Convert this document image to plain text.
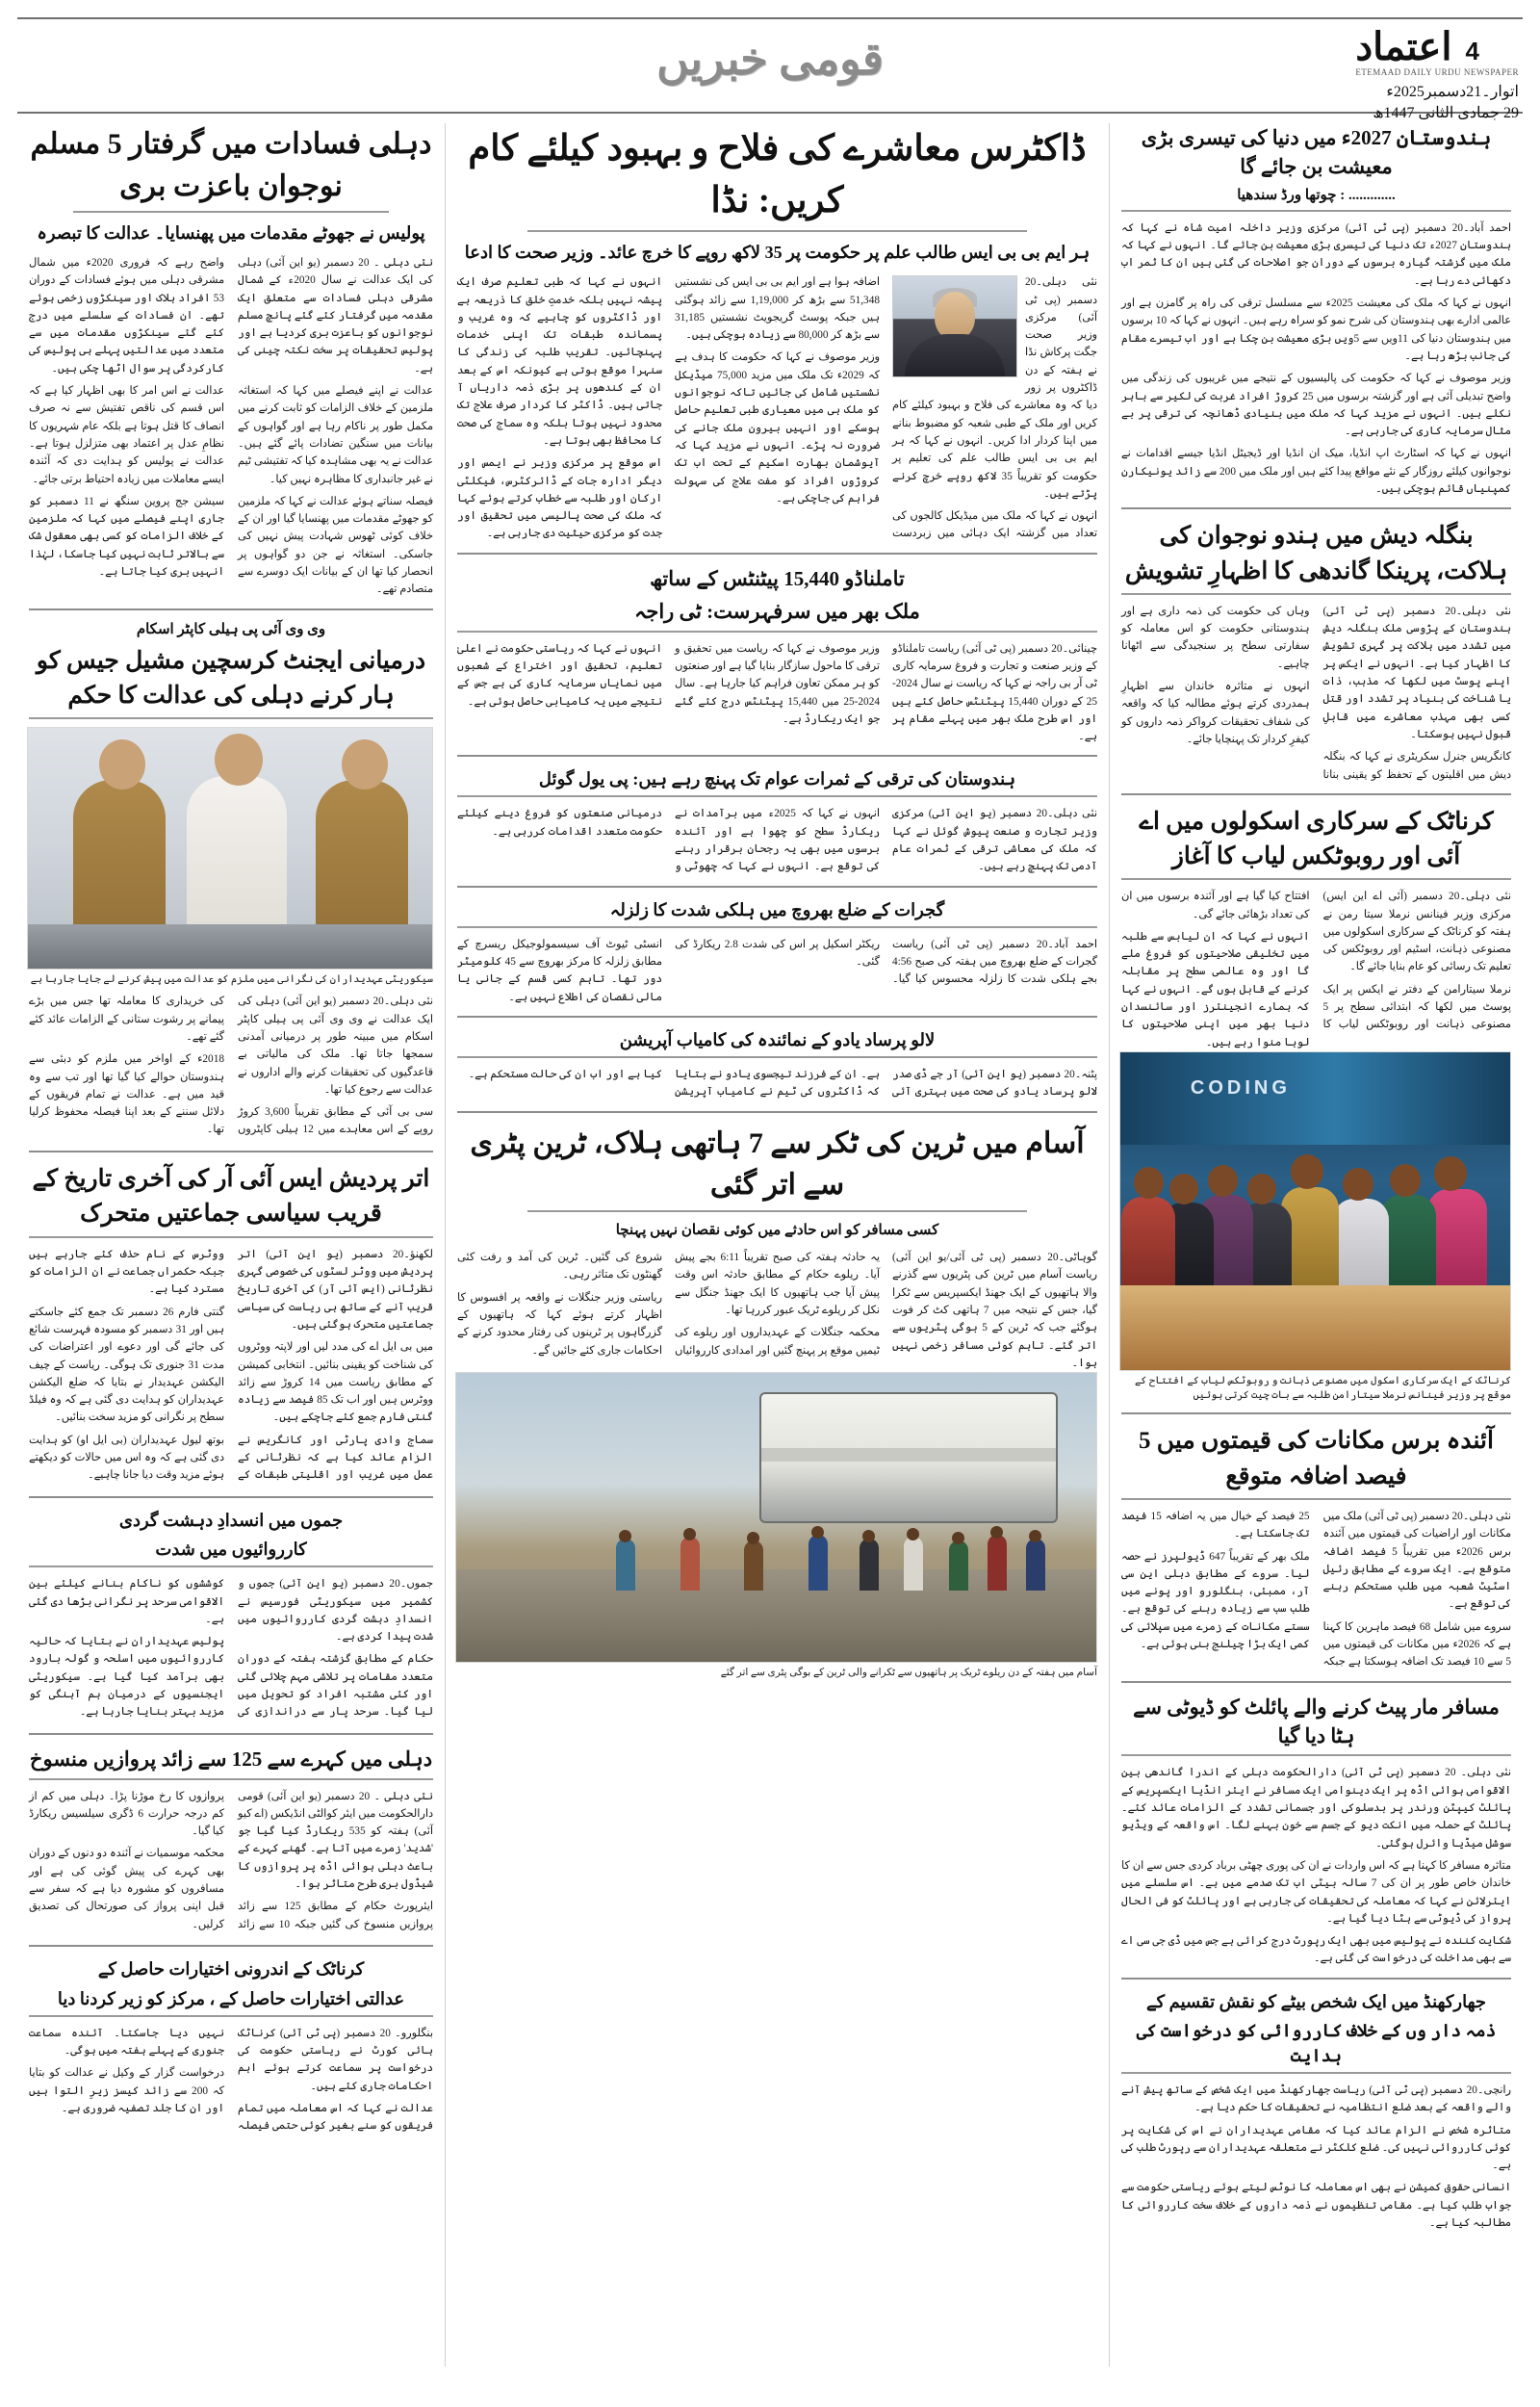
اعتماد 4
ETEMAAD DAILY URDU NEWSPAPER
اتوار۔21دسمبر2025ء
29 جمادی الثانی 1447ھ
قومی خبریں
ہندوستان 2027ء میں دنیا کی تیسری بڑی معیشت بن جائے گا
............. : چوتھا ورڈ سندھیا

احمد آباد۔20 دسمبر (پی ٹی آئی) مرکزی وزیر داخلہ امیت شاہ نے کہا کہ ہندوستان 2027ء تک دنیا کی تیسری بڑی معیشت بن جائے گا۔ انہوں نے کہا کہ ملک میں گزشتہ گیارہ برسوں کے دوران جو اصلاحات کی گئی ہیں ان کا ثمر اب دکھائی دے رہا ہے۔

انہوں نے کہا کہ ملک کی معیشت 2025ء سے مسلسل ترقی کی راہ پر گامزن ہے اور عالمی ادارے بھی ہندوستان کی شرح نمو کو سراہ رہے ہیں۔ انہوں نے کہا کہ 10 برسوں میں ہندوستان دنیا کی 11ویں سے 5ویں بڑی معیشت بن چکا ہے اور اب تیسرے مقام کی جانب بڑھ رہا ہے۔

وزیر موصوف نے کہا کہ حکومت کی پالیسیوں کے نتیجے میں غریبوں کی زندگی میں واضح تبدیلی آئی ہے اور گزشتہ برسوں میں 25 کروڑ افراد غربت کی لکیر سے باہر نکلے ہیں۔ انہوں نے مزید کہا کہ ملک میں بنیادی ڈھانچہ کی ترقی پر بے مثال سرمایہ کاری کی جارہی ہے۔

انہوں نے کہا کہ اسٹارٹ اپ انڈیا، میک ان انڈیا اور ڈیجیٹل انڈیا جیسے اقدامات نے نوجوانوں کیلئے روزگار کے نئے مواقع پیدا کئے ہیں اور ملک میں 200 سے زائد یونیکارن کمپنیاں قائم ہوچکی ہیں۔

بنگلہ دیش میں ہندو نوجوان کی ہلاکت، پرینکا گاندھی کا اظہارِ تشویش

نئی دہلی۔20 دسمبر (پی ٹی آئی) ہندوستان کے پڑوسی ملک بنگلہ دیش میں تشدد میں ہلاکت پر گہری تشویش کا اظہار کیا ہے۔ انہوں نے ایکس پر اپنے پوسٹ میں لکھا کہ مذہب، ذات یا شناخت کی بنیاد پر تشدد اور قتل کسی بھی مہذب معاشرے میں قابلِ قبول نہیں ہوسکتا۔

کانگریس جنرل سکریٹری نے کہا کہ بنگلہ دیش میں اقلیتوں کے تحفظ کو یقینی بنانا وہاں کی حکومت کی ذمہ داری ہے اور ہندوستانی حکومت کو اس معاملہ کو سفارتی سطح پر سنجیدگی سے اٹھانا چاہیے۔

انہوں نے متاثرہ خاندان سے اظہارِ ہمدردی کرتے ہوئے مطالبہ کیا کہ واقعہ کی شفاف تحقیقات کرواکر ذمہ داروں کو کیفرِ کردار تک پہنچایا جائے۔

کرناٹک کے سرکاری اسکولوں میں اے آئی اور روبوٹکس لیاب کا آغاز

نئی دہلی۔20 دسمبر (آئی اے این ایس) مرکزی وزیر فینانس نرملا سیتا رمن نے ہفتہ کو کرناٹک کے سرکاری اسکولوں میں مصنوعی ذہانت، اسٹیم اور روبوٹکس کی تعلیم تک رسائی کو عام بنایا جائے گا۔

نرملا سیتارامن کے دفتر نے ایکس پر ایک پوسٹ میں لکھا کہ ابتدائی سطح پر 5 مصنوعی ذہانت اور روبوٹکس لیاب کا افتتاح کیا گیا ہے اور آئندہ برسوں میں ان کی تعداد بڑھائی جائے گی۔

انہوں نے کہا کہ ان لیابس سے طلبہ میں تخلیقی صلاحیتوں کو فروغ ملے گا اور وہ عالمی سطح پر مقابلہ کرنے کے قابل ہوں گے۔ انہوں نے کہا کہ ہمارے انجینئرز اور سائنسدان دنیا بھر میں اپنی صلاحیتوں کا لوہا منوا رہے ہیں۔

CODING
کرناٹک کے ایک سرکاری اسکول میں مصنوعی ذہانت و روبوٹکس لیاب کے افتتاح کے موقع پر وزیر فینانس نرملا سیتارامن طلبہ سے بات چیت کرتی ہوئیں
آئندہ برس مکانات کی قیمتوں میں 5 فیصد اضافہ متوقع

نئی دہلی۔20 دسمبر (پی ٹی آئی) ملک میں مکانات اور اراضیات کی قیمتوں میں آئندہ برس 2026ء میں تقریباً 5 فیصد اضافہ متوقع ہے۔ ایک سروے کے مطابق رئیل اسٹیٹ شعبہ میں طلب مستحکم رہنے کی توقع ہے۔

سروے میں شامل 68 فیصد ماہرین کا کہنا ہے کہ 2026ء میں مکانات کی قیمتوں میں 5 سے 10 فیصد تک اضافہ ہوسکتا ہے جبکہ 25 فیصد کے خیال میں یہ اضافہ 15 فیصد تک جاسکتا ہے۔

ملک بھر کے تقریباً 647 ڈیولپرز نے حصہ لیا۔ سروے کے مطابق دہلی این سی آر، ممبئی، بنگلورو اور پونے میں طلب سب سے زیادہ رہنے کی توقع ہے۔ سستے مکانات کے زمرے میں سپلائی کی کمی ایک بڑا چیلنج بنی ہوئی ہے۔

مسافر مار پیٹ کرنے والے پائلٹ کو ڈیوٹی سے ہٹا دیا گیا

نئی دہلی۔ 20 دسمبر (پی ٹی آئی) دارالحکومت دہلی کے اندرا گاندھی بین الاقوامی ہوائی اڈہ پر ایک دینوامی ایک مسافر نے ایئر انڈیا ایکسپریس کے پائلٹ کیپٹن ورندر پر بدسلوکی اور جسمانی تشدد کے الزامات عائد کئے۔ پائلٹ کے حملہ میں انکت دیو کے جسم سے خون بہنے لگا۔ اس واقعہ کے ویڈیو سوشل میڈیا وائرل ہوگئی۔

متاثرہ مسافر کا کہنا ہے کہ اس واردات نے ان کی پوری چھٹی برباد کردی جس سے ان کا خاندان خاص طور پر ان کی 7 سالہ بیٹی اب تک صدمے میں ہے۔ اس سلسلے میں ایئرلائن نے کہا کہ معاملہ کی تحقیقات کی جارہی ہے اور پائلٹ کو فی الحال پرواز کی ڈیوٹی سے ہٹا دیا گیا ہے۔

شکایت کنندہ نے پولیس میں بھی ایک رپورٹ درج کرائی ہے جس میں ڈی جی سی اے سے بھی مداخلت کی درخواست کی گئی ہے۔

جھارکھنڈ میں ایک شخص بیٹے کو نقش تقسیم کے
ذمہ دار وں کے خلاف کارروائی کو درخواست کی ہدایت

رانچی۔20 دسمبر (پی ٹی آئی) ریاست جھارکھنڈ میں ایک شخص کے ساتھ پیش آنے والے واقعہ کے بعد ضلع انتظامیہ نے تحقیقات کا حکم دیا ہے۔

متاثرہ شخص نے الزام عائد کیا کہ مقامی عہدیداران نے اس کی شکایت پر کوئی کارروائی نہیں کی۔ ضلع کلکٹر نے متعلقہ عہدیداران سے رپورٹ طلب کی ہے۔

انسانی حقوق کمیشن نے بھی اس معاملہ کا نوٹس لیتے ہوئے ریاستی حکومت سے جواب طلب کیا ہے۔ مقامی تنظیموں نے ذمہ داروں کے خلاف سخت کارروائی کا مطالبہ کیا ہے۔

ڈاکٹرس معاشرے کی فلاح و بہبود کیلئے کام کریں: نڈا
ہر ایم بی بی ایس طالب علم پر حکومت پر 35 لاکھ روپے کا خرچ عائد۔ وزیر صحت کا ادعا

نئی دہلی۔20 دسمبر (پی ٹی آئی) مرکزی وزیر صحت جگت پرکاش نڈا نے ہفتہ کے دن ڈاکٹروں پر زور دیا کہ وہ معاشرے کی فلاح و بہبود کیلئے کام کریں اور ملک کے طبی شعبہ کو مضبوط بنانے میں اپنا کردار ادا کریں۔ انہوں نے کہا کہ ہر ایم بی بی ایس طالب علم کی تعلیم پر حکومت کو تقریباً 35 لاکھ روپے خرچ کرنے پڑتے ہیں۔

انہوں نے کہا کہ ملک میں میڈیکل کالجوں کی تعداد میں گزشتہ ایک دہائی میں زبردست اضافہ ہوا ہے اور ایم بی بی ایس کی نشستیں 51,348 سے بڑھ کر 1,19,000 سے زائد ہوگئی ہیں جبکہ پوسٹ گریجویٹ نشستیں 31,185 سے بڑھ کر 80,000 سے زیادہ ہوچکی ہیں۔

وزیر موصوف نے کہا کہ حکومت کا ہدف ہے کہ 2029ء تک ملک میں مزید 75,000 میڈیکل نشستیں شامل کی جائیں تاکہ نوجوانوں کو ملک ہی میں معیاری طبی تعلیم حاصل ہوسکے اور انہیں بیرون ملک جانے کی ضرورت نہ پڑے۔ انہوں نے مزید کہا کہ آیوشمان بھارت اسکیم کے تحت اب تک کروڑوں افراد کو مفت علاج کی سہولت فراہم کی جاچکی ہے۔

انہوں نے کہا کہ طبی تعلیم صرف ایک پیشہ نہیں بلکہ خدمتِ خلق کا ذریعہ ہے اور ڈاکٹروں کو چاہیے کہ وہ غریب و پسماندہ طبقات تک اپنی خدمات پہنچائیں۔ تقریب طلبہ کی زندگی کا سنہرا موقع ہوتی ہے کیونکہ اس کے بعد ان کے کندھوں پر بڑی ذمہ داریاں آ جاتی ہیں۔ ڈاکٹر کا کردار صرف علاج تک محدود نہیں ہوتا بلکہ وہ سماج کی صحت کا محافظ بھی ہوتا ہے۔

اس موقع پر مرکزی وزیر نے ایمس اور دیگر ادارہ جات کے ڈائرکٹرس، فیکلٹی ارکان اور طلبہ سے خطاب کرتے ہوئے کہا کہ ملک کی صحت پالیسی میں تحقیق اور جدت کو مرکزی حیثیت دی جارہی ہے۔

تاملناڈو 15,440 پیٹنٹس کے ساتھ
ملک بھر میں سرفہرست: ٹی راجہ

چینائی۔20 دسمبر (پی ٹی آئی) ریاست تاملناڈو کے وزیر صنعت و تجارت و فروغ سرمایہ کاری ٹی آر بی راجہ نے کہا کہ ریاست نے سال 2024-25 کے دوران 15,440 پیٹنٹس حاصل کئے ہیں اور اس طرح ملک بھر میں پہلے مقام پر ہے۔

وزیر موصوف نے کہا کہ ریاست میں تحقیق و ترقی کا ماحول سازگار بنایا گیا ہے اور صنعتوں کو ہر ممکن تعاون فراہم کیا جارہا ہے۔ سال 2024-25 میں 15,440 پیٹنٹس درج کئے گئے جو ایک ریکارڈ ہے۔

انہوں نے کہا کہ ریاستی حکومت نے اعلیٰ تعلیم، تحقیق اور اختراع کے شعبوں میں نمایاں سرمایہ کاری کی ہے جس کے نتیجے میں یہ کامیابی حاصل ہوئی ہے۔

ہندوستان کی ترقی کے ثمرات عوام تک پہنچ رہے ہیں: پی یول گوئل

نئی دہلی۔20 دسمبر (یو این آئی) مرکزی وزیر تجارت و صنعت پیوش گوئل نے کہا کہ ملک کی معاشی ترقی کے ثمرات عام آدمی تک پہنچ رہے ہیں۔

انہوں نے کہا کہ 2025ء میں برآمدات نے ریکارڈ سطح کو چھوا ہے اور آئندہ برسوں میں بھی یہ رجحان برقرار رہنے کی توقع ہے۔ انہوں نے کہا کہ چھوٹی و درمیانی صنعتوں کو فروغ دینے کیلئے حکومت متعدد اقدامات کررہی ہے۔

گجرات کے ضلع بھروچ میں ہلکی شدت کا زلزلہ

احمد آباد۔20 دسمبر (پی ٹی آئی) ریاست گجرات کے ضلع بھروچ میں ہفتہ کی صبح 4:56 بجے ہلکی شدت کا زلزلہ محسوس کیا گیا۔ ریکٹر اسکیل پر اس کی شدت 2.8 ریکارڈ کی گئی۔

انسٹی ٹیوٹ آف سیسمولوجیکل ریسرچ کے مطابق زلزلہ کا مرکز بھروچ سے 45 کلومیٹر دور تھا۔ تاہم کسی قسم کے جانی یا مالی نقصان کی اطلاع نہیں ہے۔

لالو پرساد یادو کے نمائندہ کی کامیاب آپریشن

پٹنہ۔20 دسمبر (یو این آئی) آر جے ڈی صدر لالو پرساد یادو کی صحت میں بہتری آئی ہے۔ ان کے فرزند تیجسوی یادو نے بتایا کہ ڈاکٹروں کی ٹیم نے کامیاب آپریشن کیا ہے اور اب ان کی حالت مستحکم ہے۔

آسام میں ٹرین کی ٹکر سے 7 ہاتھی ہلاک، ٹرین پٹری سے اتر گئی
کسی مسافر کو اس حادثے میں کوئی نقصان نہیں پہنچا

گوہاٹی۔20 دسمبر (پی ٹی آئی/یو این آئی) ریاست آسام میں ٹرین کی پٹریوں سے گذرنے والا ہاتھیوں کے ایک جھنڈ ایکسپریس سے ٹکرا گیا، جس کے نتیجہ میں 7 ہاتھی کٹ کر فوت ہوگئے جب کہ ٹرین کے 5 بوگی پٹریوں سے اتر گئے۔ تاہم کوئی مسافر زخمی نہیں ہوا۔

یہ حادثہ ہفتہ کی صبح تقریباً 6:11 بجے پیش آیا۔ ریلوے حکام کے مطابق حادثہ اس وقت پیش آیا جب ہاتھیوں کا ایک جھنڈ جنگل سے نکل کر ریلوے ٹریک عبور کررہا تھا۔

محکمہ جنگلات کے عہدیداروں اور ریلوے کی ٹیمیں موقع پر پہنچ گئیں اور امدادی کارروائیاں شروع کی گئیں۔ ٹرین کی آمد و رفت کئی گھنٹوں تک متاثر رہی۔

ریاستی وزیر جنگلات نے واقعہ پر افسوس کا اظہار کرتے ہوئے کہا کہ ہاتھیوں کے گزرگاہوں پر ٹرینوں کی رفتار محدود کرنے کے احکامات جاری کئے جائیں گے۔

آسام میں ہفتہ کے دن ریلوے ٹریک پر ہاتھیوں سے ٹکرانے والی ٹرین کے بوگی پٹری سے اتر گئے
دہلی فسادات میں گرفتار 5 مسلم نوجوان باعزت بری
پولیس نے جھوٹے مقدمات میں پھنسایا۔ عدالت کا تبصرہ

نئی دہلی ۔ 20 دسمبر (یو این آئی) دہلی کی ایک عدالت نے سال 2020ء کے شمال مشرقی دہلی فسادات سے متعلق ایک مقدمہ میں گرفتار کئے گئے پانچ مسلم نوجوانوں کو باعزت بری کردیا ہے اور پولیس تحقیقات پر سخت نکتہ چینی کی ہے۔

عدالت نے اپنے فیصلے میں کہا کہ استغاثہ ملزمین کے خلاف الزامات کو ثابت کرنے میں مکمل طور پر ناکام رہا ہے اور گواہوں کے بیانات میں سنگین تضادات پائے گئے ہیں۔ عدالت نے یہ بھی مشاہدہ کیا کہ تفتیشی ٹیم نے غیر جانبداری کا مظاہرہ نہیں کیا۔

فیصلہ سناتے ہوئے عدالت نے کہا کہ ملزمین کو جھوٹے مقدمات میں پھنسایا گیا اور ان کے خلاف کوئی ٹھوس شہادت پیش نہیں کی جاسکی۔ استغاثہ نے جن دو گواہوں پر انحصار کیا تھا ان کے بیانات ایک دوسرے سے متصادم تھے۔

واضح رہے کہ فروری 2020ء میں شمال مشرقی دہلی میں ہوئے فسادات کے دوران 53 افراد ہلاک اور سینکڑوں زخمی ہوئے تھے۔ ان فسادات کے سلسلے میں درج کئے گئے سینکڑوں مقدمات میں سے متعدد میں عدالتیں پہلے ہی پولیس کی کارکردگی پر سوال اٹھا چکی ہیں۔

عدالت نے اس امر کا بھی اظہار کیا ہے کہ اس قسم کی ناقص تفتیش سے نہ صرف انصاف کا قتل ہوتا ہے بلکہ عام شہریوں کا نظامِ عدل پر اعتماد بھی متزلزل ہوتا ہے۔ عدالت نے پولیس کو ہدایت دی کہ آئندہ ایسے معاملات میں زیادہ احتیاط برتی جائے۔

سیشن جج پروین سنگھ نے 11 دسمبر کو جاری اپنے فیصلے میں کہا کہ ملزمین کے خلاف الزامات کو کسی بھی معقول شک سے بالاتر ثابت نہیں کیا جاسکا، لہٰذا انہیں بری کیا جاتا ہے۔

وی وی آئی پی ہیلی کاپٹر اسکام
درمیانی ایجنٹ کرسچین مشیل جیس کو ہار کرنے دہلی کی عدالت کا حکم
سیکوریٹی عہدیداران کی نگرانی میں ملزم کو عدالت میں پیش کرنے لے جایا جارہا ہے

نئی دہلی۔20 دسمبر (یو این آئی) دہلی کی ایک عدالت نے وی وی آئی پی ہیلی کاپٹر اسکام میں مبینہ طور پر درمیانی آمدنی سمجھا جاتا تھا۔ ملک کی مالیاتی بے قاعدگیوں کی تحقیقات کرنے والے اداروں نے عدالت سے رجوع کیا تھا۔

سی بی آئی کے مطابق تقریباً 3,600 کروڑ روپے کے اس معاہدے میں 12 ہیلی کاپٹروں کی خریداری کا معاملہ تھا جس میں بڑے پیمانے پر رشوت ستانی کے الزامات عائد کئے گئے تھے۔

2018ء کے اواخر میں ملزم کو دبئی سے ہندوستان حوالے کیا گیا تھا اور تب سے وہ قید میں ہے۔ عدالت نے تمام فریقوں کے دلائل سننے کے بعد اپنا فیصلہ محفوظ کرلیا تھا۔

اتر پردیش ایس آئی آر کی آخری تاریخ کے قریب سیاسی جماعتیں متحرک

لکھنؤ۔20 دسمبر (یو این آئی) اتر پردیش میں ووٹر لسٹوں کی خصوصی گہری نظرثانی (ایس آئی آر) کی آخری تاریخ قریب آنے کے ساتھ ہی ریاست کی سیاسی جماعتیں متحرک ہوگئی ہیں۔

میں بی ایل اے کی مدد لیں اور لاپتہ ووٹروں کی شناخت کو یقینی بنائیں۔ انتخابی کمیشن کے مطابق ریاست میں 14 کروڑ سے زائد ووٹرس ہیں اور اب تک 85 فیصد سے زیادہ گنتی فارم جمع کئے جاچکے ہیں۔

سماج وادی پارٹی اور کانگریس نے الزام عائد کیا ہے کہ نظرثانی کے عمل میں غریب اور اقلیتی طبقات کے ووٹرس کے نام حذف کئے جارہے ہیں جبکہ حکمراں جماعت نے ان الزامات کو مسترد کیا ہے۔

گنتی فارم 26 دسمبر تک جمع کئے جاسکتے ہیں اور 31 دسمبر کو مسودہ فہرست شائع کی جائے گی اور دعوے اور اعتراضات کی مدت 31 جنوری تک ہوگی۔ ریاست کے چیف الیکشن عہدیدار نے بتایا کہ ضلع الیکشن عہدیداران کو ہدایت دی گئی ہے کہ وہ فیلڈ سطح پر نگرانی کو مزید سخت بنائیں۔

بوتھ لیول عہدیداران (بی ایل او) کو ہدایت دی گئی ہے کہ وہ اس میں حالات کو دیکھتے ہوئے مزید وقت دیا جانا چاہیے۔

جموں میں انسدادِ دہشت گردی
کارروائیوں میں شدت

جموں۔20 دسمبر (یو این آئی) جموں و کشمیر میں سیکوریٹی فورسیس نے انسدادِ دہشت گردی کارروائیوں میں شدت پیدا کردی ہے۔

حکام کے مطابق گزشتہ ہفتہ کے دوران متعدد مقامات پر تلاشی مہم چلائی گئی اور کئی مشتبہ افراد کو تحویل میں لیا گیا۔ سرحد پار سے دراندازی کی کوششوں کو ناکام بنانے کیلئے بین الاقوامی سرحد پر نگرانی بڑھا دی گئی ہے۔

پولیس عہدیداران نے بتایا کہ حالیہ کارروائیوں میں اسلحہ و گولہ بارود بھی برآمد کیا گیا ہے۔ سیکوریٹی ایجنسیوں کے درمیان ہم آہنگی کو مزید بہتر بنایا جارہا ہے۔

دہلی میں کہرے سے 125 سے زائد پروازیں منسوخ

نئی دہلی ۔ 20 دسمبر (یو این آئی) قومی دارالحکومت میں ایئر کوالٹی انڈیکس (اے کیو آئی) ہفتہ کو 535 ریکارڈ کیا گیا جو 'شدید' زمرے میں آتا ہے۔ گھنے کہرے کے باعث دہلی ہوائی اڈہ پر پروازوں کا شیڈول بری طرح متاثر ہوا۔

ایئرپورٹ حکام کے مطابق 125 سے زائد پروازیں منسوخ کی گئیں جبکہ 10 سے زائد پروازوں کا رخ موڑنا پڑا۔ دہلی میں کم از کم درجہ حرارت 6 ڈگری سیلسیس ریکارڈ کیا گیا۔

محکمہ موسمیات نے آئندہ دو دنوں کے دوران بھی کہرے کی پیش گوئی کی ہے اور مسافروں کو مشورہ دیا ہے کہ سفر سے قبل اپنی پرواز کی صورتحال کی تصدیق کرلیں۔

کرناٹک کے اندرونی اختیارات حاصل کے
عدالتی اختیارات حاصل کے ، مرکز کو زیر کردنا دیا

بنگلورو۔ 20 دسمبر (پی ٹی آئی) کرناٹک ہائی کورٹ نے ریاستی حکومت کی درخواست پر سماعت کرتے ہوئے اہم احکامات جاری کئے ہیں۔

عدالت نے کہا کہ اس معاملہ میں تمام فریقوں کو سنے بغیر کوئی حتمی فیصلہ نہیں دیا جاسکتا۔ آئندہ سماعت جنوری کے پہلے ہفتہ میں ہوگی۔

درخواست گزار کے وکیل نے عدالت کو بتایا کہ 200 سے زائد کیسز زیرِ التوا ہیں اور ان کا جلد تصفیہ ضروری ہے۔
